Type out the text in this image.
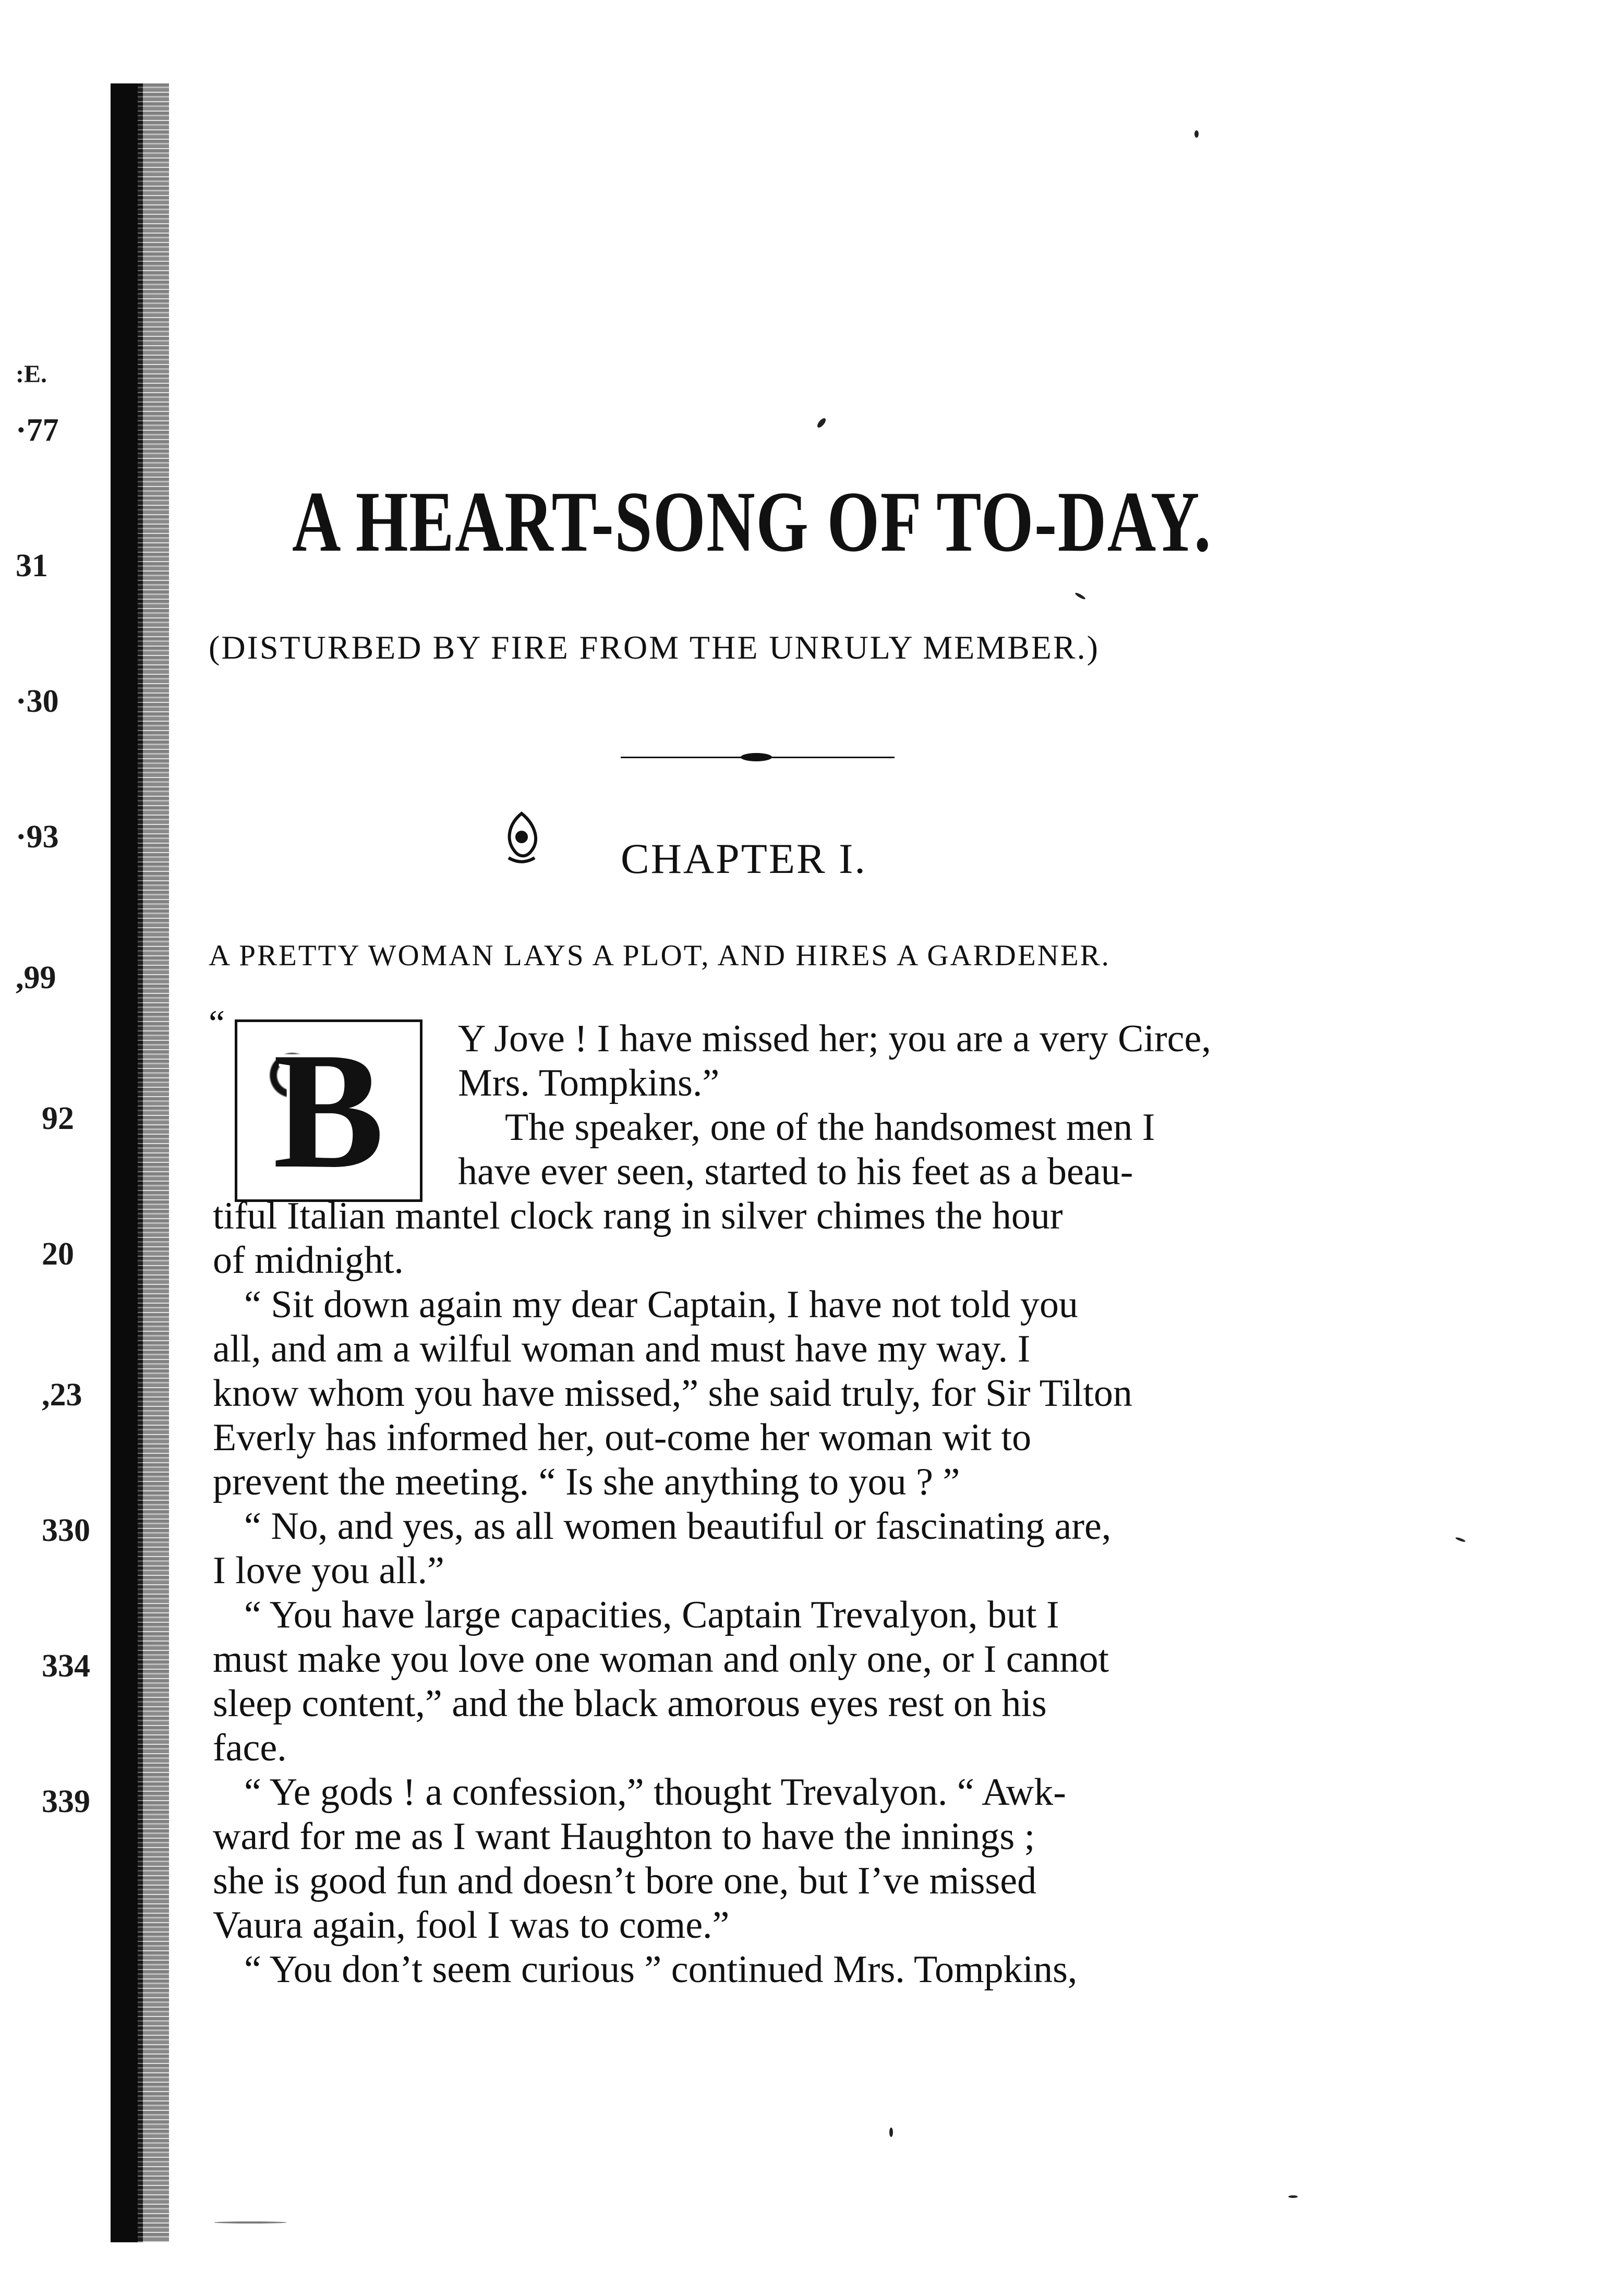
:E.
·77
31
·30
·93
,99
92
20
,23
330
334
339
A HEART-SONG OF TO-DAY.
(DISTURBED BY FIRE FROM THE UNRULY MEMBER.)
CHAPTER I.
A PRETTY WOMAN LAYS A PLOT, AND HIRES A GARDENER.
“ B	Y Jove ! I have missed her; you are a very Circe,
Mrs. Tompkins.”
The speaker, one of the handsomest men I
have ever seen, started to his feet as a beau-
tiful Italian mantel clock rang in silver chimes the hour
of midnight.
“ Sit down again my dear Captain, I have not told you
all, and am a wilful woman and must have my way. I
know whom you have missed,” she said truly, for Sir Tilton
Everly has informed her, out-come her woman wit to
prevent the meeting. “ Is she anything to you ? ”
“ No, and yes, as all women beautiful or fascinating are,
I love you all.”
“ You have large capacities, Captain Trevalyon, but I
must make you love one woman and only one, or I cannot
sleep content,” and the black amorous eyes rest on his
face.
“ Ye gods ! a confession,” thought Trevalyon. “ Awk-
ward for me as I want Haughton to have the innings ;
she is good fun and doesn’t bore one, but I’ve missed
Vaura again, fool I was to come.”
“ You don’t seem curious ” continued Mrs. Tompkins,
